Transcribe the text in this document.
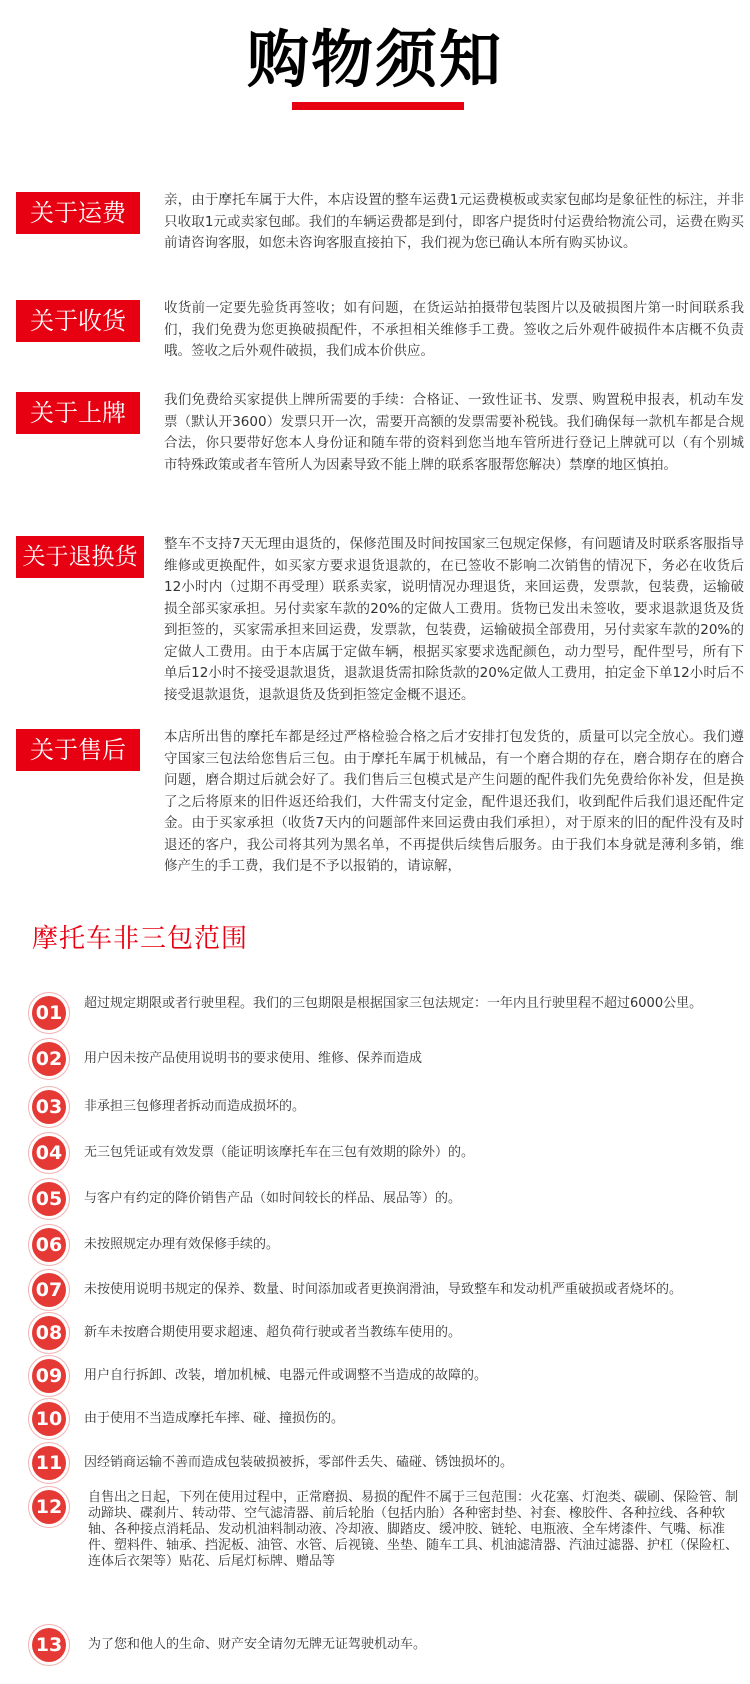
购物须知
关于运费	亲，由于摩托车属于大件，本店设置的整车运费1元运费模板或卖家包邮均是象征性的标注，并非只收取1元或卖家包邮。我们的车辆运费都是到付，即客户提货时付运费给物流公司，运费在购买前请咨询客服，如您未咨询客服直接拍下，我们视为您已确认本所有购买协议。

关于收货	收货前一定要先验货再签收；如有问题，在货运站拍摄带包装图片以及破损图片第一时间联系我们，我们免费为您更换破损配件，不承担相关维修手工费。签收之后外观件破损件本店概不负责哦。签收之后外观件破损，我们成本价供应。

关于上牌	我们免费给买家提供上牌所需要的手续：合格证、一致性证书、发票、购置税申报表，机动车发票（默认开3600）发票只开一次，需要开高额的发票需要补税钱。我们确保每一款机车都是合规合法，你只要带好您本人身份证和随车带的资料到您当地车管所进行登记上牌就可以（有个别城市特殊政策或者车管所人为因素导致不能上牌的联系客服帮您解决）禁摩的地区慎拍。

关于退换货	整车不支持7天无理由退货的，保修范围及时间按国家三包规定保修，有问题请及时联系客服指导维修或更换配件，如买家方要求退货退款的，在已签收不影响二次销售的情况下，务必在收货后12小时内（过期不再受理）联系卖家，说明情况办理退货，来回运费，发票款，包装费，运输破损全部买家承担。另付卖家车款的20%的定做人工费用。货物已发出未签收，要求退款退货及货到拒签的，买家需承担来回运费，发票款，包装费，运输破损全部费用，另付卖家车款的20%的定做人工费用。由于本店属于定做车辆，根据买家要求选配颜色，动力型号，配件型号，所有下单后12小时不接受退款退货，退款退货需扣除货款的20%定做人工费用，拍定金下单12小时后不接受退款退货，退款退货及货到拒签定金概不退还。

关于售后	本店所出售的摩托车都是经过严格检验合格之后才安排打包发货的，质量可以完全放心。我们遵守国家三包法给您售后三包。由于摩托车属于机械品，有一个磨合期的存在，磨合期存在的磨合问题，磨合期过后就会好了。我们售后三包模式是产生问题的配件我们先免费给你补发，但是换了之后将原来的旧件返还给我们，大件需支付定金，配件退还我们，收到配件后我们退还配件定金。由于买家承担（收货7天内的问题部件来回运费由我们承担），对于原来的旧的配件没有及时退还的客户，我公司将其列为黑名单，不再提供后续售后服务。由于我们本身就是薄利多销，维修产生的手工费，我们是不予以报销的，请谅解，

摩托车非三包范围
01 超过规定期限或者行驶里程。我们的三包期限是根据国家三包法规定：一年内且行驶里程不超过6000公里。

02 用户因未按产品使用说明书的要求使用、维修、保养而造成

03 非承担三包修理者拆动而造成损坏的。

04 无三包凭证或有效发票（能证明该摩托车在三包有效期的除外）的。

05 与客户有约定的降价销售产品（如时间较长的样品、展品等）的。

06 未按照规定办理有效保修手续的。

07 未按使用说明书规定的保养、数量、时间添加或者更换润滑油，导致整车和发动机严重破损或者烧坏的。

08 新车未按磨合期使用要求超速、超负荷行驶或者当教练车使用的。

09 用户自行拆卸、改装，增加机械、电器元件或调整不当造成的故障的。

10 由于使用不当造成摩托车摔、碰、撞损伤的。

11 因经销商运输不善而造成包装破损被拆，零部件丢失、磕碰、锈蚀损坏的。

12 自售出之日起，下列在使用过程中，正常磨损、易损的配件不属于三包范围：火花塞、灯泡类、碳刷、保险管、制动蹄块、碟刹片、转动带、空气滤清器、前后轮胎（包括内胎）各种密封垫、衬套、橡胶件、各种拉线、各种软轴、各种接点消耗品、发动机油料制动液、冷却液、脚踏皮、缓冲胶、链轮、电瓶液、全车烤漆件、气嘴、标准件、塑料件、轴承、挡泥板、油管、水管、后视镜、坐垫、随车工具、机油滤清器、汽油过滤器、护杠（保险杠、连体后衣架等）贴花、后尾灯标牌、赠品等

13 为了您和他人的生命、财产安全请勿无牌无证驾驶机动车。
